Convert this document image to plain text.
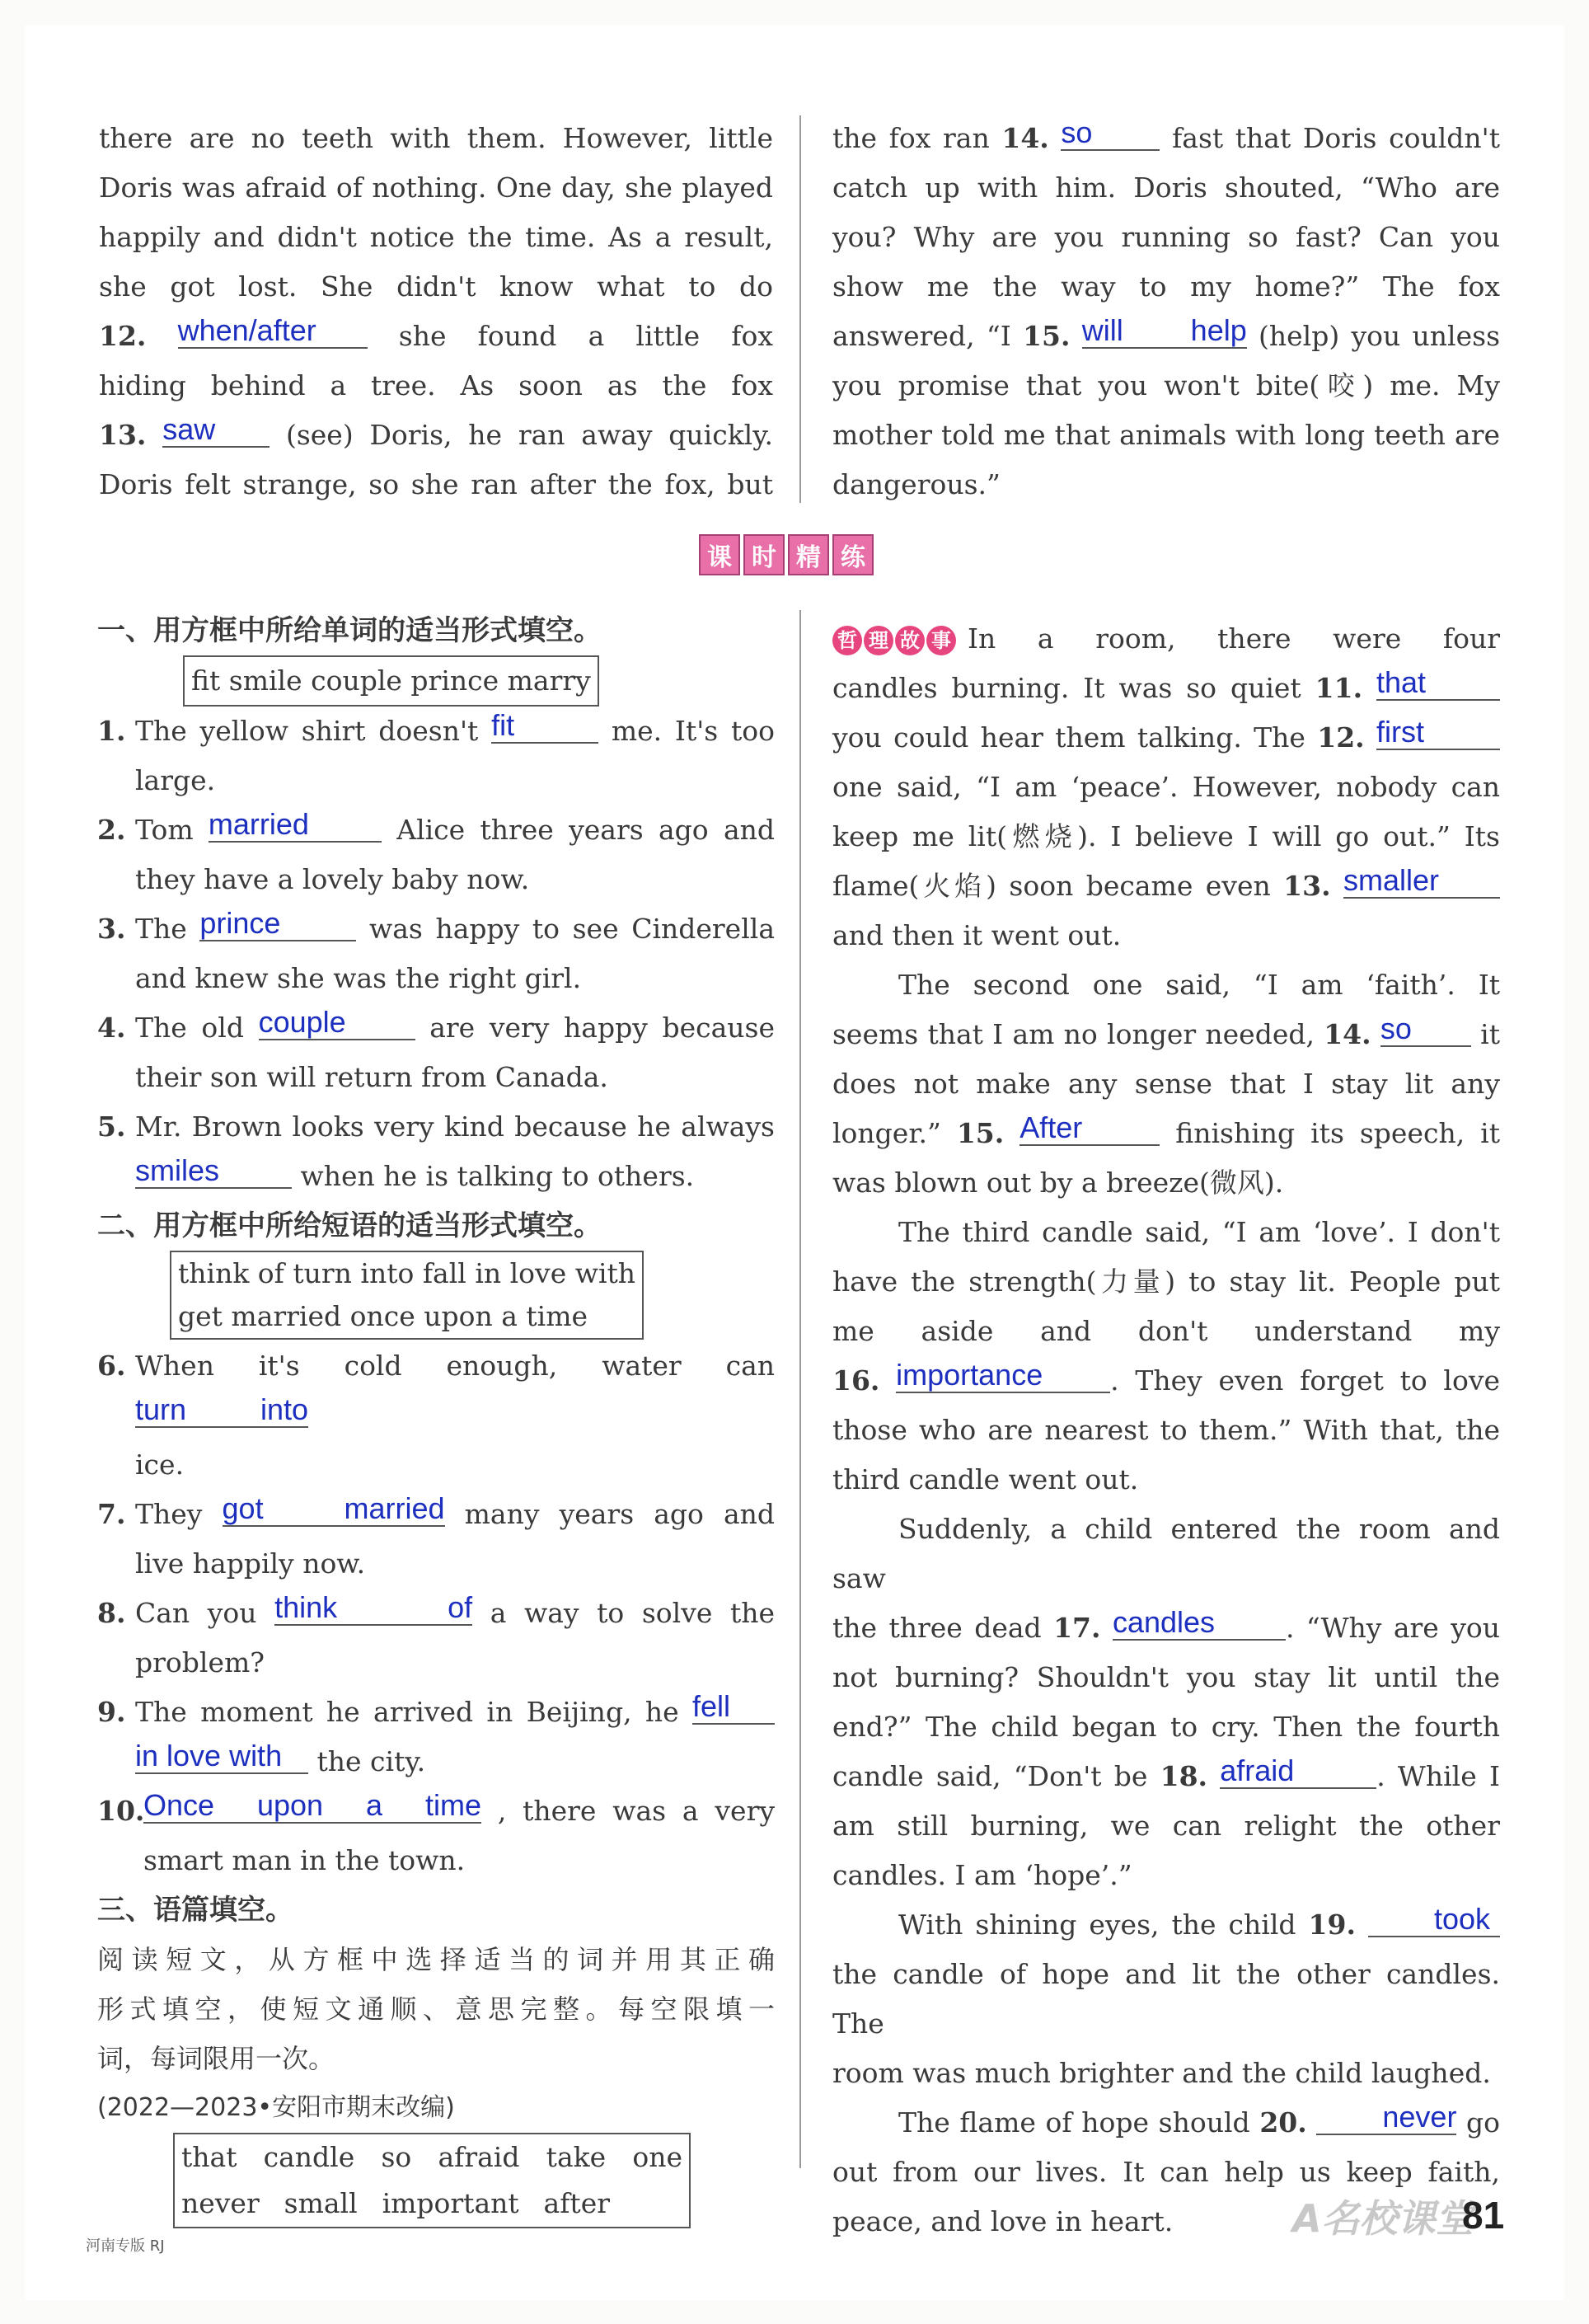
there are no teeth with them. However, little

Doris was afraid of nothing. One day, she played

happily and didn't notice the time. As a result,

she got lost. She didn't know what to do

12. when/after	she found a little fox

hiding behind a tree. As soon as the fox

13. saw	(see) Doris, he ran away quickly.

Doris felt strange, so she ran after the fox, but

the fox ran 14. so	fast that Doris couldn't

catch up with him. Doris shouted, “Who are

you? Why are you running so fast? Can you

show me the way to my home?” The fox

answered, “I 15. will help (help) you unless

you promise that you won't bite(咬) me. My

mother told me that animals with long teeth are

dangerous.”

课 时 精 练

一、用方框中所给单词的适当形式填空。

fit smile couple prince marry

1. The yellow shirt doesn't fit	me. It's too

large.

2. Tom married	Alice three years ago and

they have a lovely baby now.

3. The prince	was happy to see Cinderella

and knew she was the right girl.

4. The old couple	are very happy because

their son will return from Canada.

5. Mr. Brown looks very kind because he always

smiles	when he is talking to others.

二、用方框中所给短语的适当形式填空。

think of turn into fall in love with
get married once upon a time
6. When it's cold enough, water can turn into

ice.

7. They got married many years ago and

live happily now.

8. Can you think of a way to solve the

problem?

9. The moment he arrived in Beijing, he fell

in love with the city.

10.

Once upon a time , there was a very

smart man in the town.

三、语篇填空。

阅读短文，从方框中选择适当的词并用其正确

形式填空，使短文通顺、意思完整。每空限填一

词，每词限用一次。

(2022—2023•安阳市期末改编)

that candle so afraid take one
never small important after

哲 理 故 事 In a room, there were four

candles burning. It was so quiet 11. that

you could hear them talking. The 12. first

one said, “I am ‘peace’. However, nobody can

keep me lit(燃烧). I believe I will go out.” Its

flame(火焰) soon became even 13. smaller

and then it went out.

The second one said, “I am ‘faith’. It

seems that I am no longer needed, 14. so	it

does not make any sense that I stay lit any

longer.” 15. After	finishing its speech, it

was blown out by a breeze(微风).

The third candle said, “I am ‘love’. I don't

have the strength(力量) to stay lit. People put

me aside and don't understand my

16. importance . They even forget to love

those who are nearest to them.” With that, the

third candle went out.

Suddenly, a child entered the room and saw

the three dead 17. candles	. “Why are you

not burning? Shouldn't you stay lit until the

end?” The child began to cry. Then the fourth

candle said, “Don't be 18. afraid	. While I

am still burning, we can relight the other

candles. I am ‘hope’.”

With shining eyes, the child 19.	took

the candle of hope and lit the other candles. The

room was much brighter and the child laughed.

The flame of hope should 20.	never go

out from our lives. It can help us keep faith,

peace, and love in heart.

河南专版 RJ
A名校课堂
81
